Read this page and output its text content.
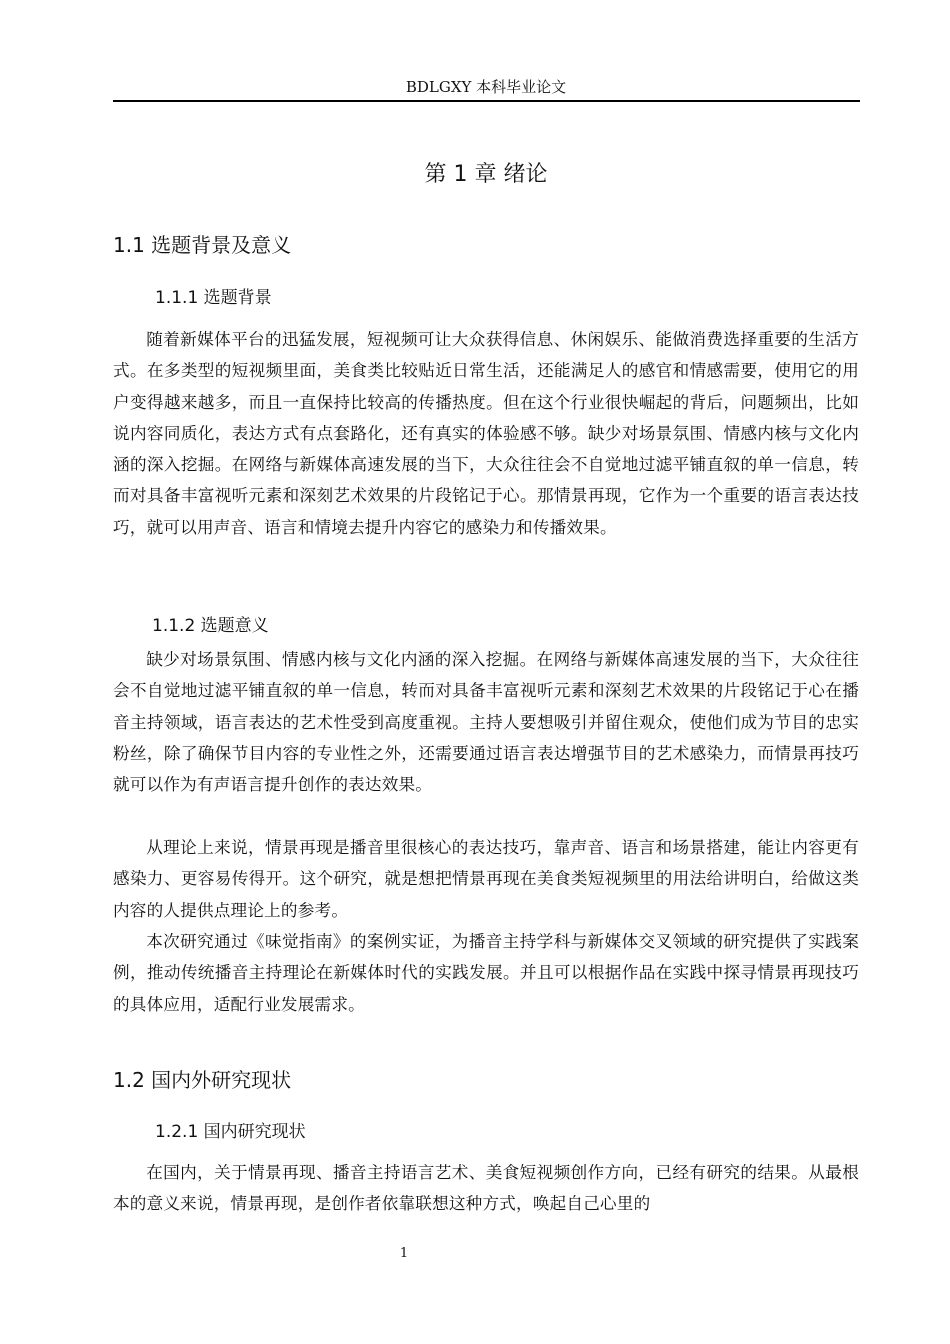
BDLGXY 本科毕业论文
第 1 章 绪论
1.1 选题背景及意义
1.1.1 选题背景

随着新媒体平台的迅猛发展，短视频可让大众获得信息、休闲娱乐、能做消费选择重要的生活方式。在多类型的短视频里面，美食类比较贴近日常生活，还能满足人的感官和情感需要，使用它的用户变得越来越多，而且一直保持比较高的传播热度。但在这个行业很快崛起的背后，问题频出，比如说内容同质化，表达方式有点套路化，还有真实的体验感不够。缺少对场景氛围、情感内核与文化内涵的深入挖掘。在网络与新媒体高速发展的当下，大众往往会不自觉地过滤平铺直叙的单一信息，转而对具备丰富视听元素和深刻艺术效果的片段铭记于心。那情景再现，它作为一个重要的语言表达技巧，就可以用声音、语言和情境去提升内容它的感染力和传播效果。

1.1.2 选题意义

缺少对场景氛围、情感内核与文化内涵的深入挖掘。在网络与新媒体高速发展的当下，大众往往会不自觉地过滤平铺直叙的单一信息，转而对具备丰富视听元素和深刻艺术效果的片段铭记于心在播音主持领域，语言表达的艺术性受到高度重视。主持人要想吸引并留住观众，使他们成为节目的忠实粉丝，除了确保节目内容的专业性之外，还需要通过语言表达增强节目的艺术感染力，而情景再技巧就可以作为有声语言提升创作的表达效果。

从理论上来说，情景再现是播音里很核心的表达技巧，靠声音、语言和场景搭建，能让内容更有感染力、更容易传得开。这个研究，就是想把情景再现在美食类短视频里的用法给讲明白，给做这类内容的人提供点理论上的参考。

本次研究通过《味觉指南》的案例实证，为播音主持学科与新媒体交叉领域的研究提供了实践案例，推动传统播音主持理论在新媒体时代的实践发展。并且可以根据作品在实践中探寻情景再现技巧的具体应用，适配行业发展需求。

1.2 国内外研究现状
1.2.1 国内研究现状

在国内，关于情景再现、播音主持语言艺术、美食短视频创作方向，已经有研究的结果。从最根本的意义来说，情景再现，是创作者依靠联想这种方式，唤起自己心里的

1
